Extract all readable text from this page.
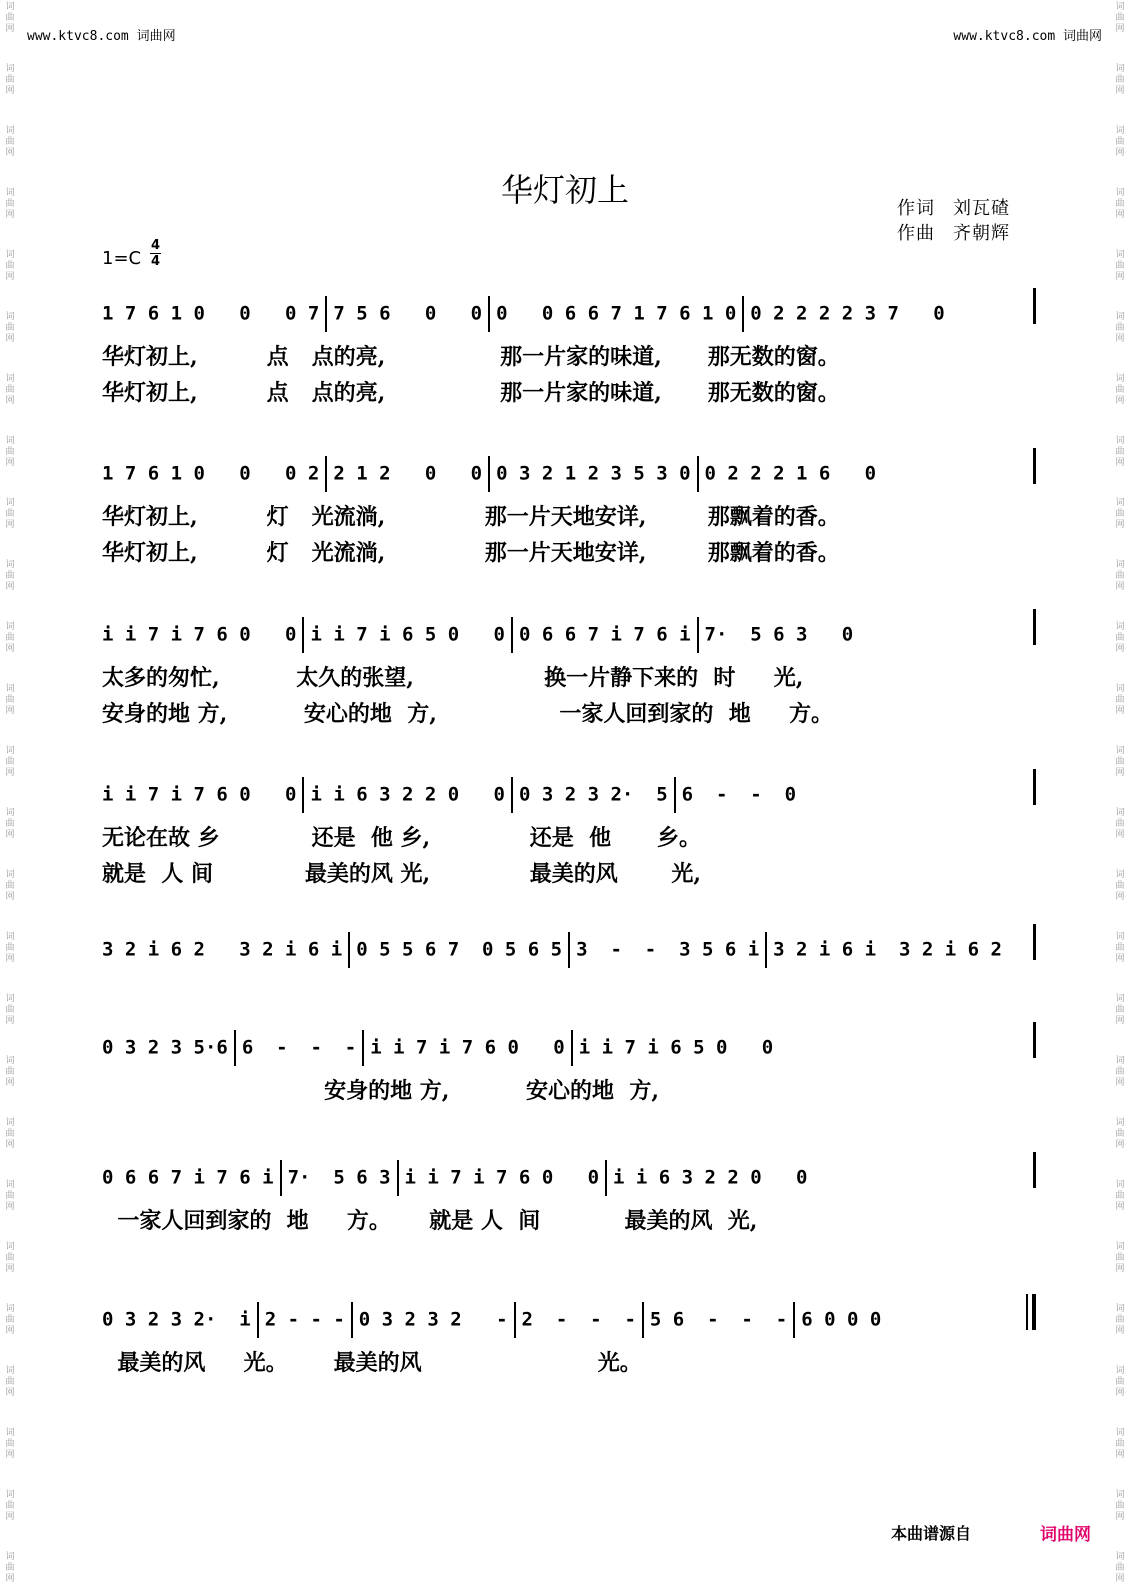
词
曲
网
词
曲
网
词
曲
网
词
曲
网
词
曲
网
词
曲
网
词
曲
网
词
曲
网
词
曲
网
词
曲
网
词
曲
网
词
曲
网
词
曲
网
词
曲
网
词
曲
网
词
曲
网
词
曲
网
词
曲
网
词
曲
网
词
曲
网
词
曲
网
词
曲
网
词
曲
网
词
曲
网
词
曲
网
词
曲
网
词
曲
网
词
曲
网
词
曲
网
词
曲
网
词
曲
网
词
曲
网
词
曲
网
词
曲
网
词
曲
网
词
曲
网
词
曲
网
词
曲
网
词
曲
网
词
曲
网
词
曲
网
词
曲
网
词
曲
网
词
曲
网
词
曲
网
词
曲
网
词
曲
网
词
曲
网
词
曲
网
词
曲
网
词
曲
网
词
曲
网
www.ktvc8.com 词曲网	www.ktvc8.com 词曲网
华灯初上	作词 刘瓦碴
作曲 齐朝辉
1=C
4
4
1 7 6 1 0   0   0 7 7 5 6   0   0 0   0 6 6 7 1 7 6 1 0 0 2 2 2 2 3 7   0
华灯初上,         点   点的亮,               那一片家的味道,      那无数的窗。
华灯初上,         点   点的亮,               那一片家的味道,      那无数的窗。
1 7 6 1 0   0   0 2 2 1 2   0   0 0 3 2 1 2 3 5 3 0 0 2 2 2 1 6   0
华灯初上,         灯   光流淌,             那一片天地安详,        那飘着的香。
华灯初上,         灯   光流淌,             那一片天地安详,        那飘着的香。
i i 7 i 7 6 0   0 i i 7 i 6 5 0   0 0 6 6 7 i 7 6 i 7·  5 6 3   0
太多的匆忙,          太久的张望,                 换一片静下来的  时     光,
安身的地 方,          安心的地  方,                一家人回到家的  地     方。
i i 7 i 7 6 0   0 i i 6 3 2 2 0   0 0 3 2 3 2·  5 6  -  -  0
无论在故 乡            还是  他 乡,             还是  他      乡。
就是  人 间            最美的风 光,             最美的风       光,
3 2 i 6 2   3 2 i 6 i 0 5 5 6 7  0 5 6 5 3  -  -  3 5 6 i 3 2 i 6 i  3 2 i 6 2
0 3 2 3 5·6 6  -  -  - i i 7 i 7 6 0   0 i i 7 i 6 5 0   0
安身的地 方,          安心的地  方,
0 6 6 7 i 7 6 i 7·  5 6 3 i i 7 i 7 6 0   0 i i 6 3 2 2 0   0
一家人回到家的  地     方。     就是 人  间           最美的风  光,
0 3 2 3 2·  i 2 - - - 0 3 2 3 2   - 2  -  -  - 5 6  -  -  - 6 0 0 0
最美的风     光。      最美的风                       光。
本曲谱源自	词曲网
